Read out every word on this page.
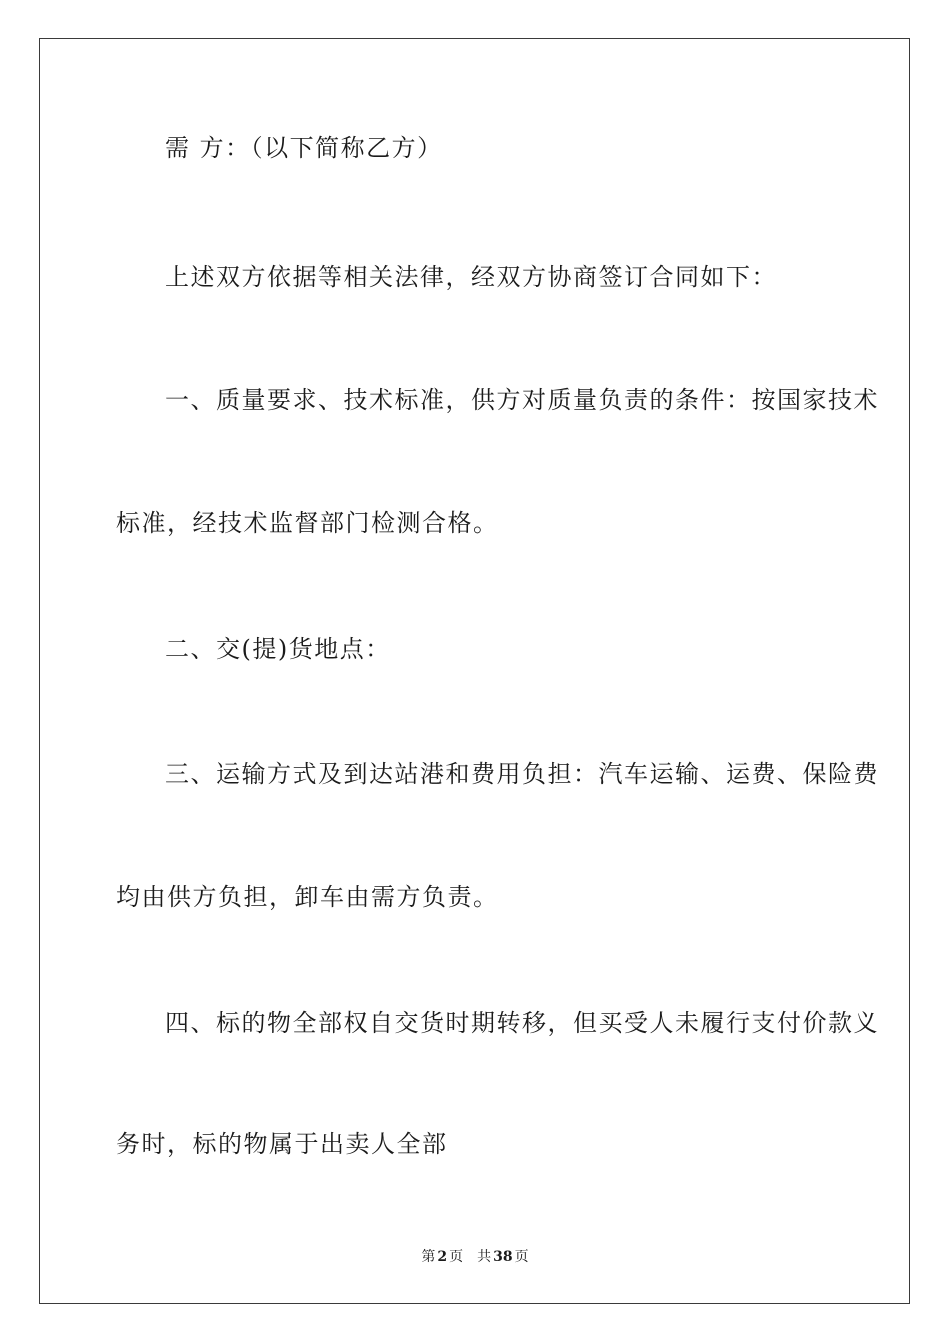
需 方：（以下简称乙方）
上述双方依据等相关法律，经双方协商签订合同如下：
一、质量要求、技术标准，供方对质量负责的条件：按国家技术
标准，经技术监督部门检测合格。
二、交(提)货地点：
三、运输方式及到达站港和费用负担：汽车运输、运费、保险费
均由供方负担，卸车由需方负责。
四、标的物全部权自交货时期转移，但买受人未履行支付价款义
务时，标的物属于出卖人全部
第 2 页 共 38 页
